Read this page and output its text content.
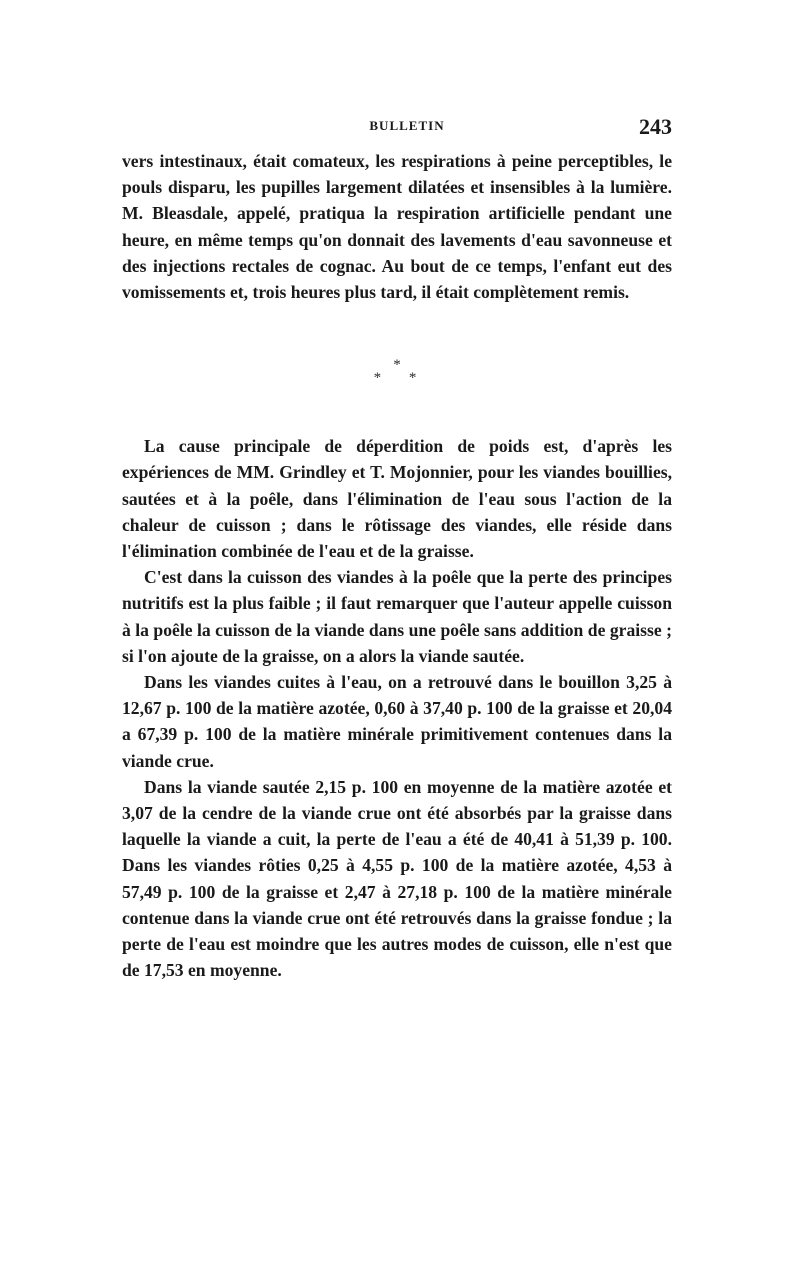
BULLETIN	243

vers intestinaux, était comateux, les respirations à peine perceptibles, le pouls disparu, les pupilles largement dilatées et insensibles à la lumière. M. Bleasdale, appelé, pratiqua la respiration artificielle pendant une heure, en même temps qu'on donnait des lavements d'eau savonneuse et des injections rectales de cognac. Au bout de ce temps, l'enfant eut des vomissements et, trois heures plus tard, il était complètement remis.

*
* *

La cause principale de déperdition de poids est, d'après les expériences de MM. Grindley et T. Mojonnier, pour les viandes bouillies, sautées et à la poêle, dans l'élimination de l'eau sous l'action de la chaleur de cuisson ; dans le rôtissage des viandes, elle réside dans l'élimination combinée de l'eau et de la graisse.

C'est dans la cuisson des viandes à la poêle que la perte des principes nutritifs est la plus faible ; il faut remarquer que l'auteur appelle cuisson à la poêle la cuisson de la viande dans une poêle sans addition de graisse ; si l'on ajoute de la graisse, on a alors la viande sautée.

Dans les viandes cuites à l'eau, on a retrouvé dans le bouillon 3,25 à 12,67 p. 100 de la matière azotée, 0,60 à 37,40 p. 100 de la graisse et 20,04 a 67,39 p. 100 de la matière minérale primitivement contenues dans la viande crue.

Dans la viande sautée 2,15 p. 100 en moyenne de la matière azotée et 3,07 de la cendre de la viande crue ont été absorbés par la graisse dans laquelle la viande a cuit, la perte de l'eau a été de 40,41 à 51,39 p. 100. Dans les viandes rôties 0,25 à 4,55 p. 100 de la matière azotée, 4,53 à 57,49 p. 100 de la graisse et 2,47 à 27,18 p. 100 de la matière minérale contenue dans la viande crue ont été retrouvés dans la graisse fondue ; la perte de l'eau est moindre que les autres modes de cuisson, elle n'est que de 17,53 en moyenne.
